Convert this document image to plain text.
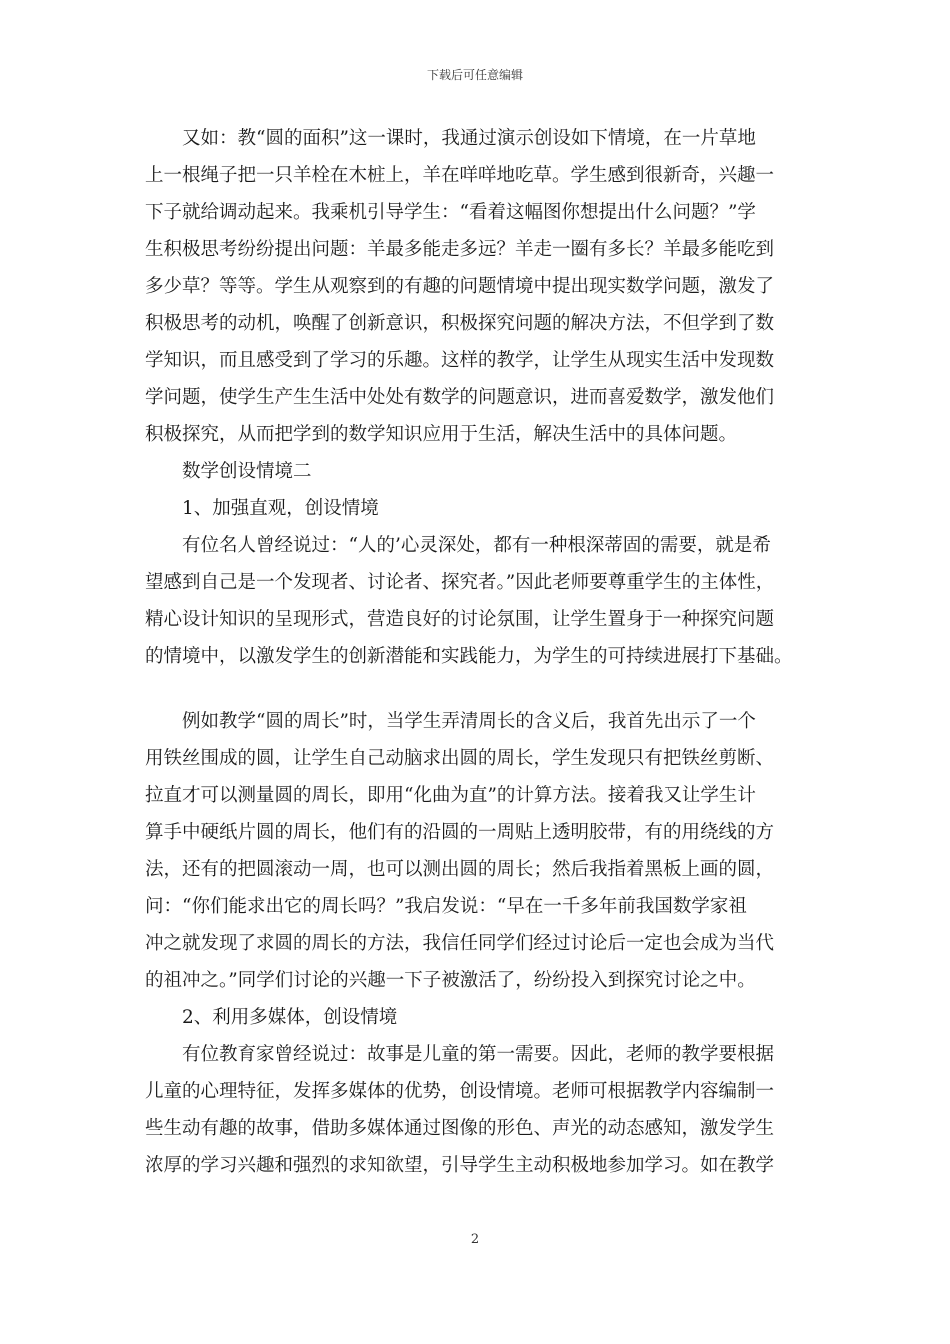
下载后可任意编辑
又如：教“圆的面积”这一课时，我通过演示创设如下情境，在一片草地
上一根绳子把一只羊栓在木桩上，羊在咩咩地吃草。学生感到很新奇，兴趣一
下子就给调动起来。我乘机引导学生：“看着这幅图你想提出什么问题？”学
生积极思考纷纷提出问题：羊最多能走多远？羊走一圈有多长？羊最多能吃到
多少草？等等。学生从观察到的有趣的问题情境中提出现实数学问题，激发了
积极思考的动机，唤醒了创新意识，积极探究问题的解决方法，不但学到了数
学知识，而且感受到了学习的乐趣。这样的教学，让学生从现实生活中发现数
学问题，使学生产生生活中处处有数学的问题意识，进而喜爱数学，激发他们
积极探究，从而把学到的数学知识应用于生活，解决生活中的具体问题。
数学创设情境二
1、加强直观，创设情境
有位名人曾经说过：“人的’心灵深处，都有一种根深蒂固的需要，就是希
望感到自己是一个发现者、讨论者、探究者。”因此老师要尊重学生的主体性，
精心设计知识的呈现形式，营造良好的讨论氛围，让学生置身于一种探究问题
的情境中，以激发学生的创新潜能和实践能力，为学生的可持续进展打下基础。
例如教学“圆的周长”时，当学生弄清周长的含义后，我首先出示了一个
用铁丝围成的圆，让学生自己动脑求出圆的周长，学生发现只有把铁丝剪断、
拉直才可以测量圆的周长，即用“化曲为直”的计算方法。接着我又让学生计
算手中硬纸片圆的周长，他们有的沿圆的一周贴上透明胶带，有的用绕线的方
法，还有的把圆滚动一周，也可以测出圆的周长；然后我指着黑板上画的圆，
问：“你们能求出它的周长吗？”我启发说：“早在一千多年前我国数学家祖
冲之就发现了求圆的周长的方法，我信任同学们经过讨论后一定也会成为当代
的祖冲之。”同学们讨论的兴趣一下子被激活了，纷纷投入到探究讨论之中。
2、利用多媒体，创设情境
有位教育家曾经说过：故事是儿童的第一需要。因此，老师的教学要根据
儿童的心理特征，发挥多媒体的优势，创设情境。老师可根据教学内容编制一
些生动有趣的故事，借助多媒体通过图像的形色、声光的动态感知，激发学生
浓厚的学习兴趣和强烈的求知欲望，引导学生主动积极地参加学习。如在教学
2
